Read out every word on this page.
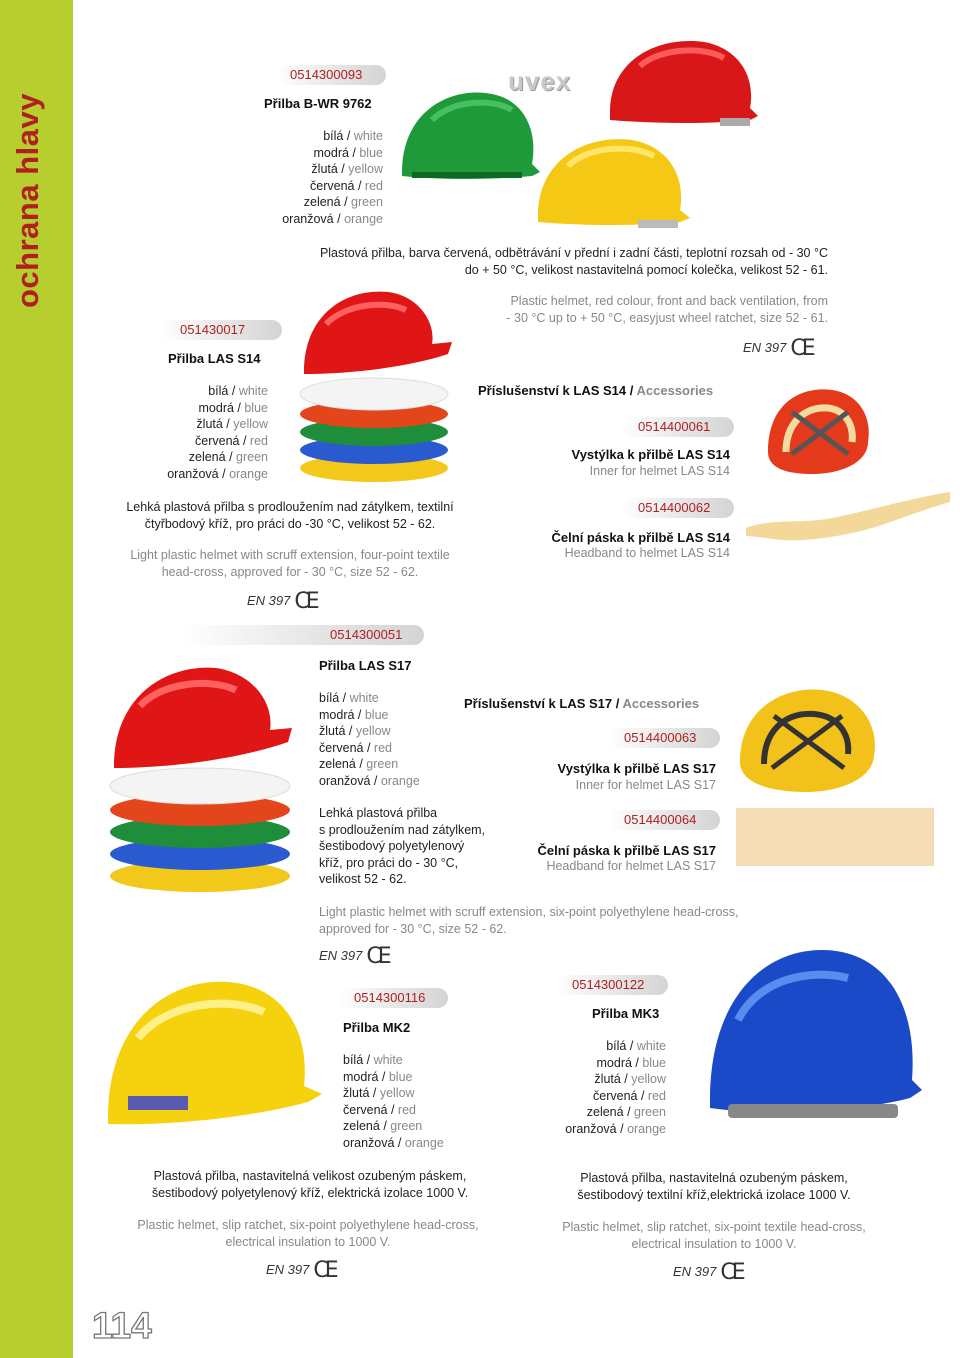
ochrana hlavy
114
0514300093
Přilba B-WR 9762
bílá / white
modrá / blue
žlutá / yellow
červená / red
zelená / green
oranžová / orange
uvex
Plastová přilba, barva červená, odbětrávání v přední i zadní části, teplotní rozsah od - 30 °C
do + 50 °C, velikost nastavitelná pomocí kolečka, velikost 52 - 61.
Plastic helmet, red colour, front and back ventilation, from
- 30 °C up to + 50 °C, easyjust wheel ratchet, size 52 - 61.
EN 397 CE
051430017
Přilba LAS S14
bílá / white
modrá / blue
žlutá / yellow
červená / red
zelená / green
oranžová / orange
Příslušenství k LAS S14 / Accessories
0514400061
Vystýlka k přilbě LAS S14
Inner for helmet LAS S14
0514400062
Čelní páska k přilbě LAS S14
Headband to helmet LAS S14
Lehká plastová přilba s prodloužením nad zátylkem, textilní
čtyřbodový kříž, pro práci do -30 °C, velikost 52 - 62.
Light plastic helmet with scruff extension, four-point textile
head-cross, approved for - 30 °C, size 52 - 62.
EN 397 CE
0514300051
Přilba LAS S17
bílá / white
modrá / blue
žlutá / yellow
červená / red
zelená / green
oranžová / orange
Příslušenství k LAS S17 / Accessories
0514400063
Vystýlka k přilbě LAS S17
Inner for helmet LAS S17
0514400064
Čelní páska k přilbě LAS S17
Headband for helmet LAS S17
Lehká plastová přilba
s prodloužením nad zátylkem,
šestibodový polyetylenový
kříž, pro práci do - 30 °C,
velikost 52 - 62.
Light plastic helmet with scruff extension, six-point polyethylene head-cross,
approved for - 30 °C, size 52 - 62.
EN 397 CE
0514300116
Přilba MK2
bílá / white
modrá / blue
žlutá / yellow
červená / red
zelená / green
oranžová / orange
Plastová přilba, nastavitelná velikost ozubeným páskem,
šestibodový polyetylenový kříž, elektrická izolace 1000 V.
Plastic helmet, slip ratchet, six-point polyethylene head-cross,
electrical insulation to 1000 V.
EN 397 CE
0514300122
Přilba MK3
bílá / white
modrá / blue
žlutá / yellow
červená / red
zelená / green
oranžová / orange
Plastová přilba, nastavitelná ozubeným páskem,
šestibodový textilní kříž,elektrická izolace 1000 V.
Plastic helmet, slip ratchet, six-point textile head-cross,
electrical insulation to 1000 V.
EN 397 CE
